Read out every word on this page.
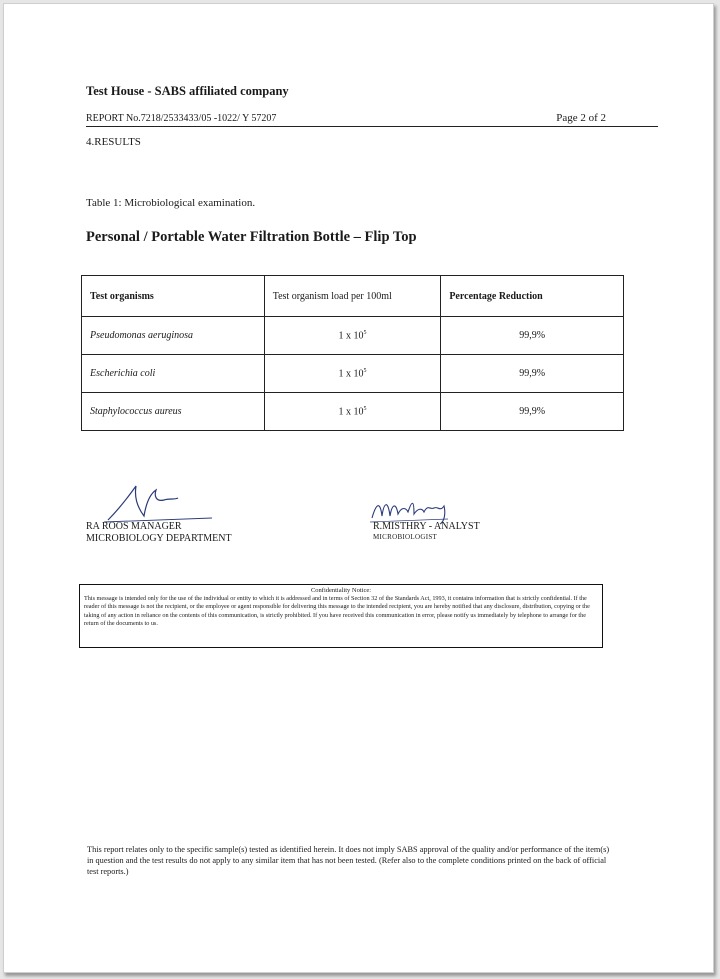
Test House - SABS affiliated company
REPORT No.7218/2533433/05 -1022/ Y 57207	Page 2 of 2
4.RESULTS
Table 1: Microbiological examination.
Personal / Portable Water Filtration Bottle – Flip Top
Test organisms	Test organism load per 100ml	Percentage Reduction
Pseudomonas aeruginosa	1 x $10^5$	99,9%
Escherichia coli	1 x $10^5$	99,9%
Staphylococcus aureus	1 x $10^5$	99,9%
RA ROOS MANAGER
MICROBIOLOGY DEPARTMENT
R.MISTHRY - ANALYST
MICROBIOLOGIST
Confidentiality Notice:
This message is intended only for the use of the individual or entity to which it is addressed and in terms of Section 32 of the Standards Act, 1993, it contains information that is strictly confidential. If the reader of this message is not the recipient, or the employee or agent responsible for delivering this message to the intended recipient, you are hereby notified that any disclosure, distribution, copying or the taking of any action in reliance on the contents of this communication, is strictly prohibited. If you have received this communication in error, please notify us immediately by telephone to arrange for the return of the documents to us.
This report relates only to the specific sample(s) tested as identified herein. It does not imply SABS approval of the quality and/or performance of the item(s) in question and the test results do not apply to any similar item that has not been tested. (Refer also to the complete conditions printed on the back of official test reports.)
